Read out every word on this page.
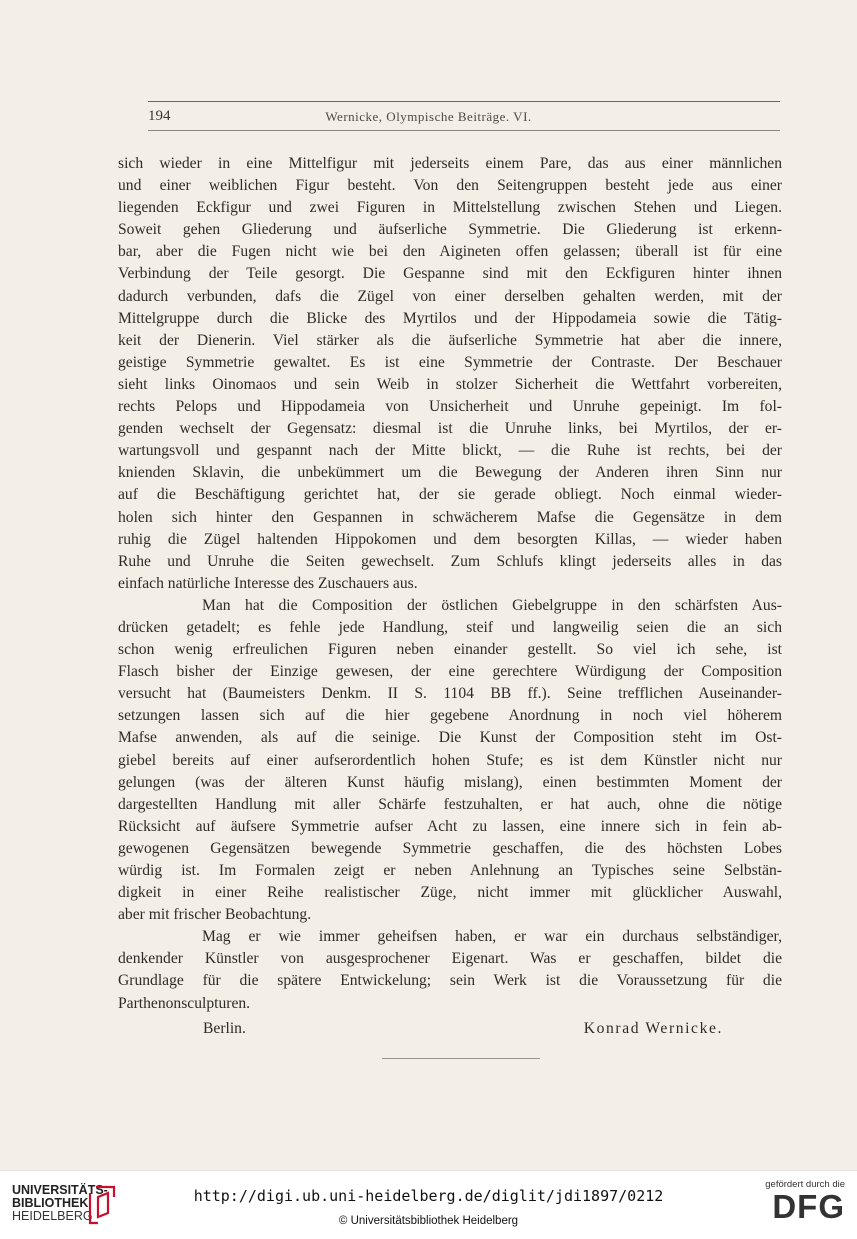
194	Wernicke, Olympische Beiträge. VI.

sich wieder in eine Mittelfigur mit jederseits einem Pare, das aus einer männlichen

und einer weiblichen Figur besteht. Von den Seitengruppen besteht jede aus einer

liegenden Eckfigur und zwei Figuren in Mittelstellung zwischen Stehen und Liegen.

Soweit gehen Gliederung und äufserliche Symmetrie. Die Gliederung ist erkenn-

bar, aber die Fugen nicht wie bei den Aigineten offen gelassen; überall ist für eine

Verbindung der Teile gesorgt. Die Gespanne sind mit den Eckfiguren hinter ihnen

dadurch verbunden, dafs die Zügel von einer derselben gehalten werden, mit der

Mittelgruppe durch die Blicke des Myrtilos und der Hippodameia sowie die Tätig-

keit der Dienerin. Viel stärker als die äufserliche Symmetrie hat aber die innere,

geistige Symmetrie gewaltet. Es ist eine Symmetrie der Contraste. Der Beschauer

sieht links Oinomaos und sein Weib in stolzer Sicherheit die Wettfahrt vorbereiten,

rechts Pelops und Hippodameia von Unsicherheit und Unruhe gepeinigt. Im fol-

genden wechselt der Gegensatz: diesmal ist die Unruhe links, bei Myrtilos, der er-

wartungsvoll und gespannt nach der Mitte blickt, — die Ruhe ist rechts, bei der

knienden Sklavin, die unbekümmert um die Bewegung der Anderen ihren Sinn nur

auf die Beschäftigung gerichtet hat, der sie gerade obliegt. Noch einmal wieder-

holen sich hinter den Gespannen in schwächerem Mafse die Gegensätze in dem

ruhig die Zügel haltenden Hippokomen und dem besorgten Killas, — wieder haben

Ruhe und Unruhe die Seiten gewechselt. Zum Schlufs klingt jederseits alles in das

einfach natürliche Interesse des Zuschauers aus.

Man hat die Composition der östlichen Giebelgruppe in den schärfsten Aus-

drücken getadelt; es fehle jede Handlung, steif und langweilig seien die an sich

schon wenig erfreulichen Figuren neben einander gestellt. So viel ich sehe, ist

Flasch bisher der Einzige gewesen, der eine gerechtere Würdigung der Composition

versucht hat (Baumeisters Denkm. II S. 1104 BB ff.). Seine trefflichen Auseinander-

setzungen lassen sich auf die hier gegebene Anordnung in noch viel höherem

Mafse anwenden, als auf die seinige. Die Kunst der Composition steht im Ost-

giebel bereits auf einer aufserordentlich hohen Stufe; es ist dem Künstler nicht nur

gelungen (was der älteren Kunst häufig mislang), einen bestimmten Moment der

dargestellten Handlung mit aller Schärfe festzuhalten, er hat auch, ohne die nötige

Rücksicht auf äufsere Symmetrie aufser Acht zu lassen, eine innere sich in fein ab-

gewogenen Gegensätzen bewegende Symmetrie geschaffen, die des höchsten Lobes

würdig ist. Im Formalen zeigt er neben Anlehnung an Typisches seine Selbstän-

digkeit in einer Reihe realistischer Züge, nicht immer mit glücklicher Auswahl,

aber mit frischer Beobachtung.

Mag er wie immer geheifsen haben, er war ein durchaus selbständiger,

denkender Künstler von ausgesprochener Eigenart. Was er geschaffen, bildet die

Grundlage für die spätere Entwickelung; sein Werk ist die Voraussetzung für die

Parthenonsculpturen.

Berlin.	Konrad Wernicke.
UNIVERSITÄTS-
BIBLIOTHEK
HEIDELBERG
http://digi.ub.uni-heidelberg.de/diglit/jdi1897/0212
© Universitätsbibliothek Heidelberg
gefördert durch die
DFG
